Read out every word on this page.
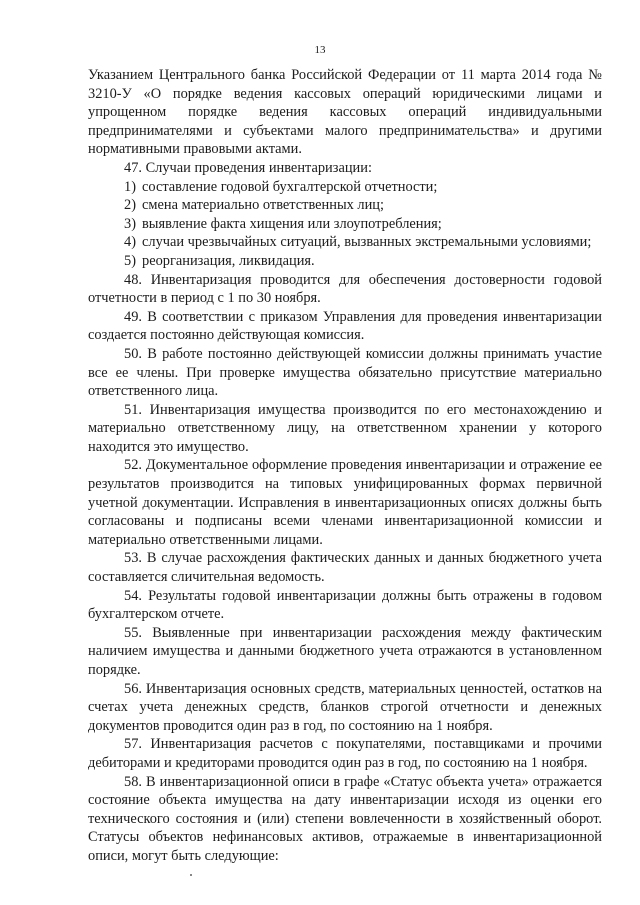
13

Указанием Центрального банка Российской Федерации от 11 марта 2014 года № 3210-У «О порядке ведения кассовых операций юридическими лицами и упрощенном порядке ведения кассовых операций индивидуальными предпринимателями и субъектами малого предпринимательства» и другими нормативными правовыми актами.

47. Случаи проведения инвентаризации:

1) составление годовой бухгалтерской отчетности;
2) смена материально ответственных лиц;
3) выявление факта хищения или злоупотребления;
4) случаи чрезвычайных ситуаций, вызванных экстремальными условиями;
5) реорганизация, ликвидация.

48. Инвентаризация проводится для обеспечения достоверности годовой отчетности в период с 1 по 30 ноября.

49. В соответствии с приказом Управления для проведения инвентаризации создается постоянно действующая комиссия.

50. В работе постоянно действующей комиссии должны принимать участие все ее члены. При проверке имущества обязательно присутствие материально ответственного лица.

51. Инвентаризация имущества производится по его местонахождению и материально ответственному лицу, на ответственном хранении у которого находится это имущество.

52. Документальное оформление проведения инвентаризации и отражение ее результатов производится на типовых унифицированных формах первичной учетной документации. Исправления в инвентаризационных описях должны быть согласованы и подписаны всеми членами инвентаризационной комиссии и материально ответственными лицами.

53. В случае расхождения фактических данных и данных бюджетного учета составляется сличительная ведомость.

54. Результаты годовой инвентаризации должны быть отражены в годовом бухгалтерском отчете.

55. Выявленные при инвентаризации расхождения между фактическим наличием имущества и данными бюджетного учета отражаются в установленном порядке.

56. Инвентаризация основных средств, материальных ценностей, остатков на счетах учета денежных средств, бланков строгой отчетности и денежных документов проводится один раз в год, по состоянию на 1 ноября.

57. Инвентаризация расчетов с покупателями, поставщиками и прочими дебиторами и кредиторами проводится один раз в год, по состоянию на 1 ноября.

58. В инвентаризационной описи в графе «Статус объекта учета» отражается состояние объекта имущества на дату инвентаризации исходя из оценки его технического состояния и (или) степени вовлеченности в хозяйственный оборот. Статусы объектов нефинансовых активов, отражаемые в инвентаризационной описи, могут быть следующие:
